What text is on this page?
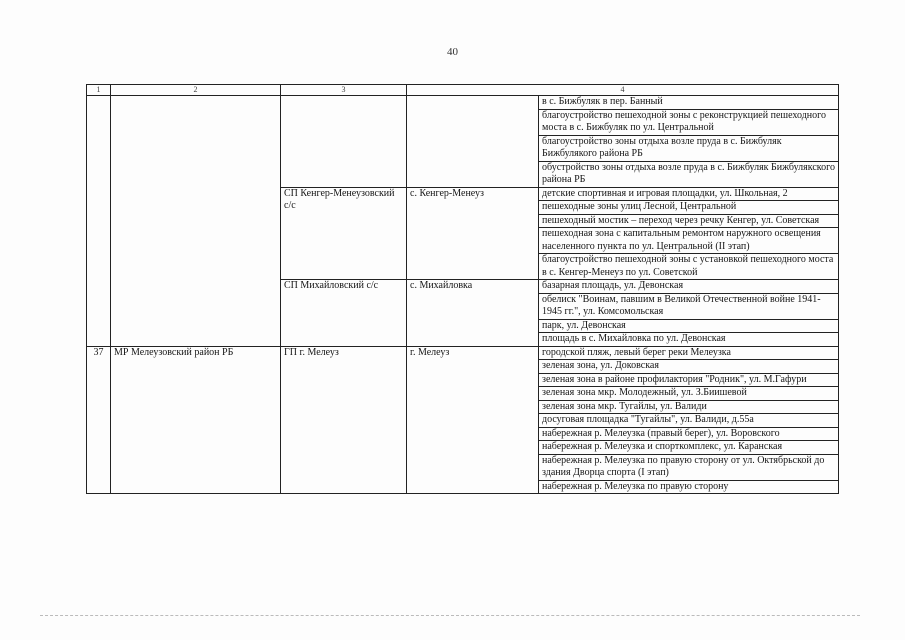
40
1	2	3	4	
				в с. Бижбуляк в пер. Банный
				благоустройство пешеходной зоны с реконструкцией пешеходного моста в с. Бижбуляк по ул. Центральной
				благоустройство зоны отдыха возле пруда в с. Бижбуляк Бижбулякого района РБ
				обустройство зоны отдыха возле пруда в с. Бижбуляк Бижбулякского района РБ
		СП Кенгер-Менеузовский с/с	с. Кенгер-Менеуз	детские спортивная и игровая площадки, ул. Школьная, 2
				пешеходные зоны улиц Лесной, Центральной
				пешеходный мостик – переход через речку Кенгер, ул. Советская
				пешеходная зона с капитальным ремонтом наружного освещения населенного пункта по ул. Центральной (II этап)
				благоустройство пешеходной зоны с установкой пешеходного моста в с. Кенгер-Менеуз по ул. Советской
		СП Михайловский с/с	с. Михайловка	базарная площадь, ул. Девонская
				обелиск "Воинам, павшим в Великой Отечественной войне 1941-1945 гг.", ул. Комсомольская
				парк, ул. Девонская
				площадь в с. Михайловка по ул. Девонская
37	МР Мелеузовский район РБ	ГП г. Мелеуз	г. Мелеуз	городской пляж, левый берег реки Мелеузка
				зеленая зона, ул. Доковская
				зеленая зона в районе профилактория "Родник", ул. М.Гафури
				зеленая зона мкр. Молодежный, ул. З.Биишевой
				зеленая зона мкр. Тугайлы, ул. Валиди
				досуговая площадка "Тугайлы", ул. Валиди, д.55а
				набережная р. Мелеузка (правый берег), ул. Воровского
				набережная р. Мелеузка и спорткомплекс, ул. Каранская
				набережная р. Мелеузка по правую сторону от ул. Октябрьской до здания Дворца спорта (I этап)
				набережная р. Мелеузка по правую сторону
